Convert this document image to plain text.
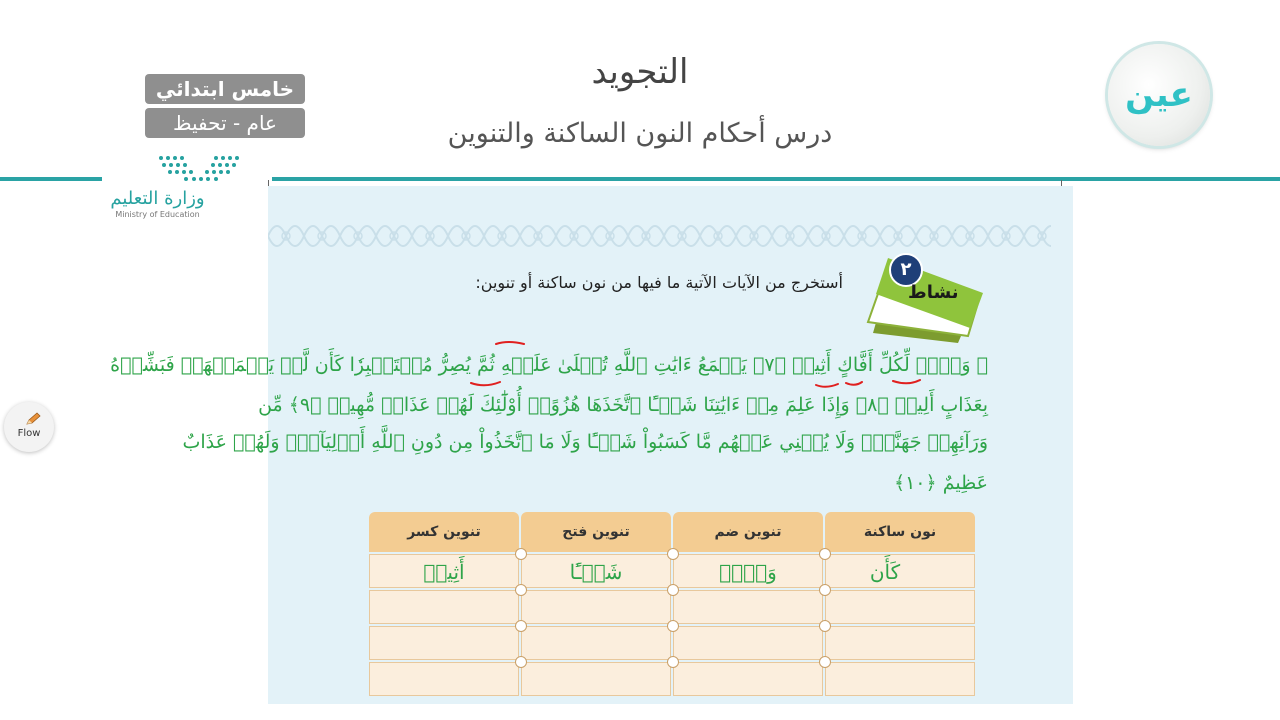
التجويد
درس أحكام النون الساكنة والتنوين
خامس ابتدائي
عام - تحفيظ
وزارة التعليم
Ministry of Education
عين
Flow
٢
نشاط
أستخرج من الآيات الآتية ما فيها من نون ساكنة أو تنوين:
﴿ وَيۡلٞ لِّكُلِّ أَفَّاكٍ أَثِيمٖ ﴿٧﴾ يَسۡمَعُ ءَايَٰتِ ٱللَّهِ تُتۡلَىٰ عَلَيۡهِ ثُمَّ يُصِرُّ مُسۡتَكۡبِرٗا كَأَن لَّمۡ يَسۡمَعۡهَاۖ فَبَشِّرۡهُ
بِعَذَابٍ أَلِيمٖ ﴿٨﴾ وَإِذَا عَلِمَ مِنۡ ءَايَٰتِنَا شَيۡـًٔا ٱتَّخَذَهَا هُزُوًاۚ أُوْلَٰٓئِكَ لَهُمۡ عَذَابٞ مُّهِينٞ ﴿٩﴾ مِّن
وَرَآئِهِمۡ جَهَنَّمُۖ وَلَا يُغۡنِي عَنۡهُم مَّا كَسَبُواْ شَيۡـًٔا وَلَا مَا ٱتَّخَذُواْ مِن دُونِ ٱللَّهِ أَوۡلِيَآءَۖ وَلَهُمۡ عَذَابٌ
عَظِيمٌ ﴿١٠﴾
نون ساكنة
تنوين ضم
تنوين فتح
تنوين كسر
كَأَن
وَيۡلٞ
شَيۡـًٔا
أَثِيمٖ
